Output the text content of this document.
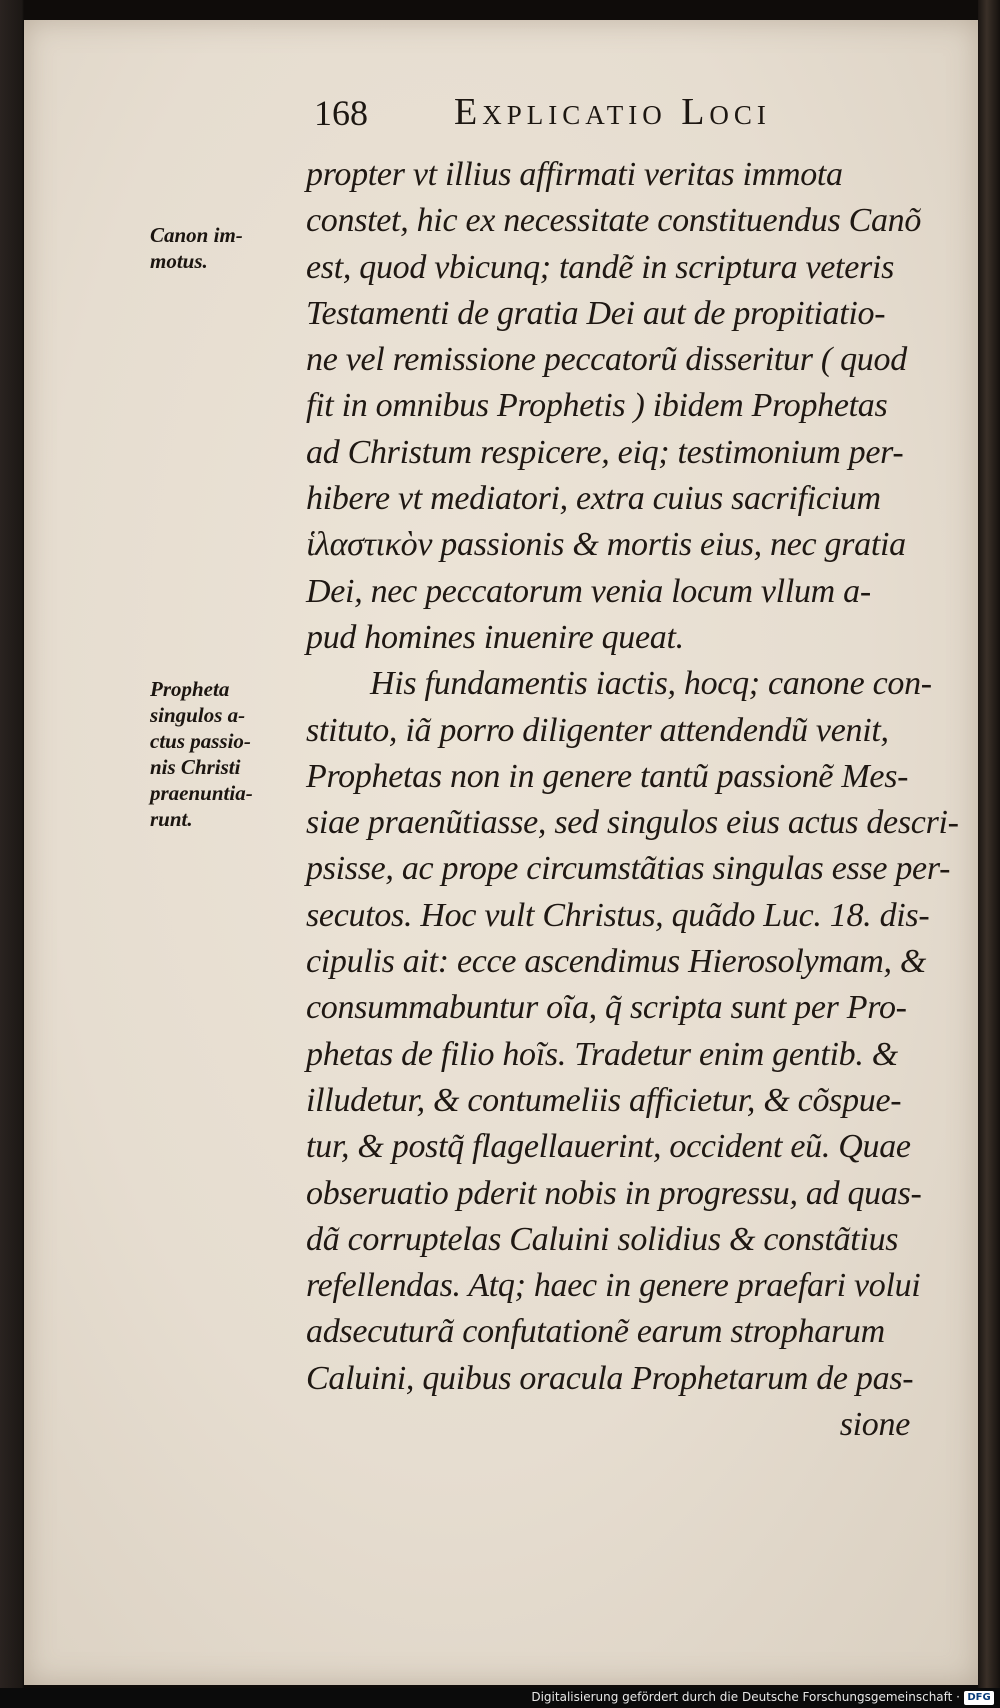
168 Explicatio Loci
Canon im-
motus.
Propheta
singulos a-
ctus passio-
nis Christi
praenuntia-
runt.
propter vt illius affirmati veritas immota
constet, hic ex necessitate constituendus Canõ
est, quod vbicunq; tandẽ in scriptura veteris
Testamenti de gratia Dei aut de propitiatio-
ne vel remissione peccatorũ disseritur ( quod
fit in omnibus Prophetis ) ibidem Prophetas
ad Christum respicere, eiq; testimonium per-
hibere vt mediatori, extra cuius sacrificium
ἱλαστικὸν passionis & mortis eius, nec gratia
Dei, nec peccatorum venia locum vllum a-
pud homines inuenire queat.
His fundamentis iactis, hocq; canone con-
stituto, iã porro diligenter attendendũ venit,
Prophetas non in genere tantũ passionẽ Mes-
siae praenũtiasse, sed singulos eius actus descri-
psisse, ac prope circumstãtias singulas esse per-
secutos. Hoc vult Christus, quãdo Luc. 18. dis-
cipulis ait: ecce ascendimus Hierosolymam, &
consummabuntur oĩa, q̃ scripta sunt per Pro-
phetas de filio hoĩs. Tradetur enim gentib. &
illudetur, & contumeliis afficietur, & cõspue-
tur, & postq̃ flagellauerint, occident eũ. Quae
obseruatio pderit nobis in progressu, ad quas-
dã corruptelas Caluini solidius & constãtius
refellendas. Atq; haec in genere praefari volui
adsecuturã confutationẽ earum stropharum
Caluini, quibus oracula Prophetarum de pas-
sione
Digitalisierung gefördert durch die Deutsche Forschungsgemeinschaft · DFG
